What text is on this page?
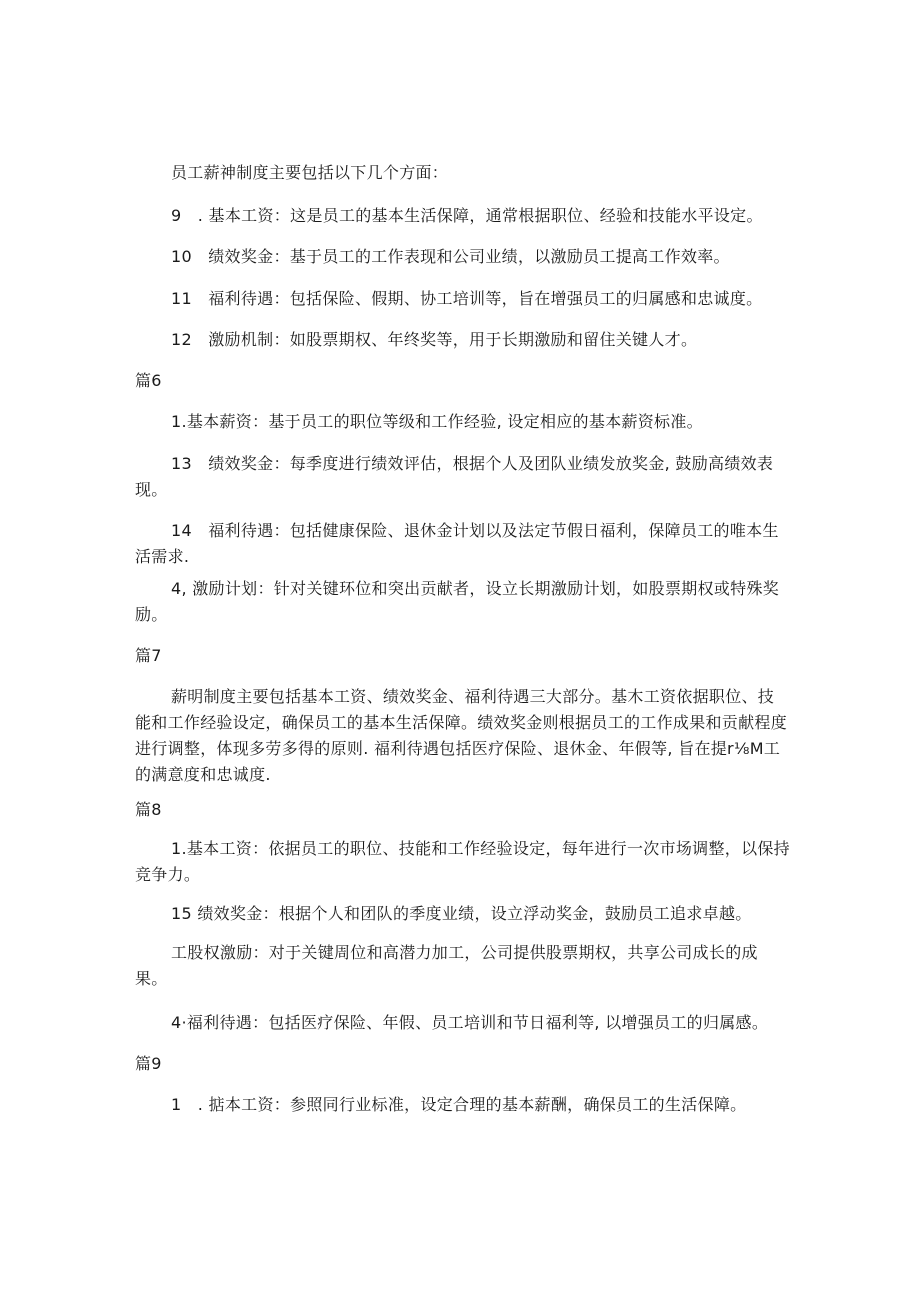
员工薪神制度主要包括以下几个方面：

9　. 基本工资：这是员工的基本生活保障，通常根据职位、经验和技能水平设定。

10　绩效奖金：基于员工的工作表现和公司业绩，以激励员工提高工作效率。

11　福利待遇：包括保险、假期、协工培训等，旨在增强员工的归属感和忠诚度。

12　激励机制：如股票期权、年终奖等，用于长期激励和留住关键人才。

篇6

1.基本薪资：基于员工的职位等级和工作经验, 设定相应的基本薪资标准。

13　绩效奖金：每季度进行绩效评估，根据个人及团队业绩发放奖金, 鼓励高绩效表现。

14　福利待遇：包括健康保险、退休金计划以及法定节假日福利，保障员工的唯本生活需求.

4, 激励计划：针对关键环位和突出贡献者，设立长期激励计划，如股票期权或特殊奖励。

篇7

薪明制度主要包括基本工资、绩效奖金、福利待遇三大部分。基木工资依据职位、技能和工作经验设定，确保员工的基本生活保障。绩效奖金则根据员工的工作成果和贡献程度进行调整，体现多劳多得的原则. 福利待遇包括医疗保险、退休金、年假等, 旨在提r⅛M工的满意度和忠诚度.

篇8

1.基本工资：依据员工的职位、技能和工作经验设定，每年进行一次市场调整，以保持竞争力。

15 绩效奖金：根据个人和团队的季度业绩，设立浮动奖金，鼓励员工追求卓越。

工股权激励：对于关键周位和高潜力加工，公司提供股票期权，共享公司成长的成果。

4·福利待遇：包括医疗保险、年假、员工培训和节日福利等, 以增强员工的归属感。

篇9

1　. 掂本工资：参照同行业标准，设定合理的基本薪酬，确保员工的生活保障。
